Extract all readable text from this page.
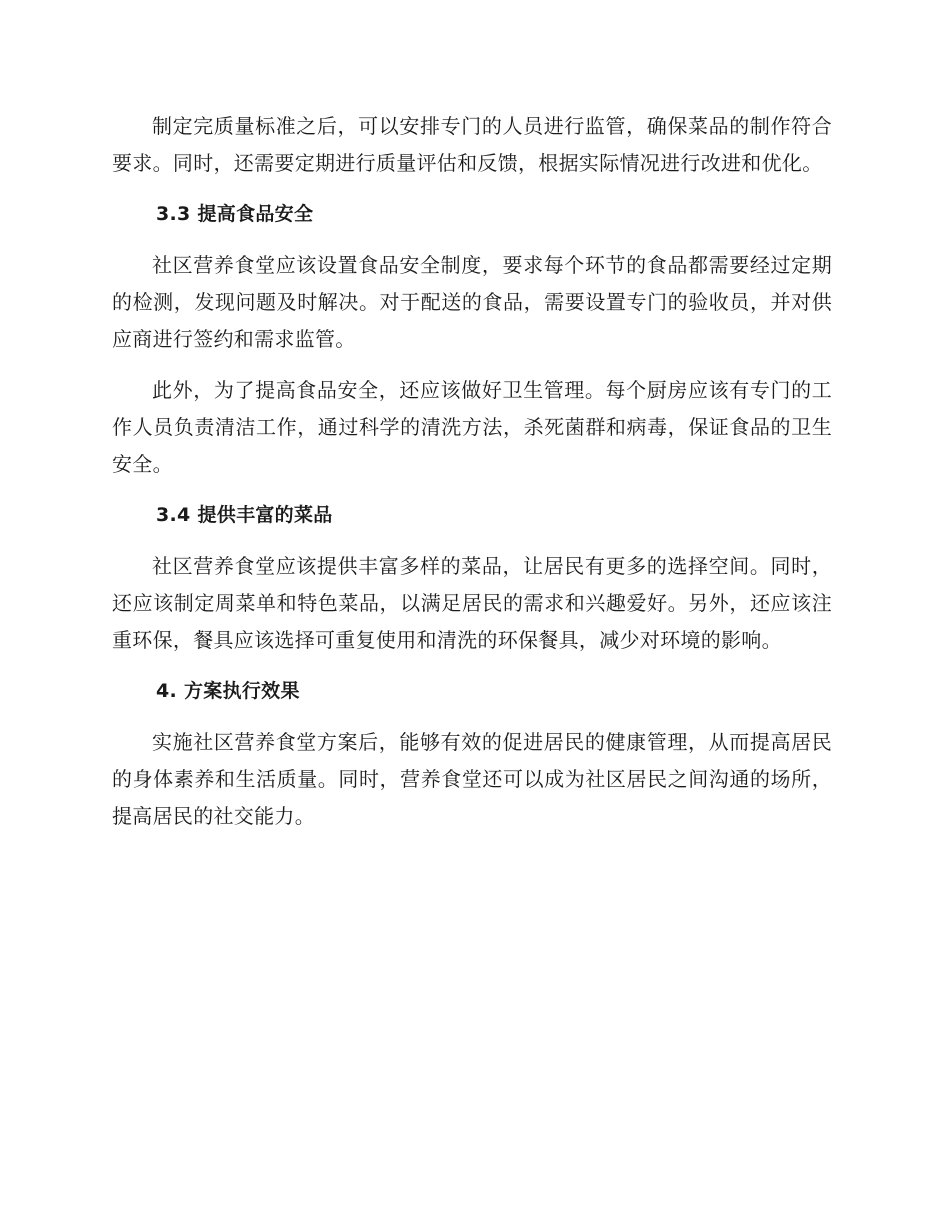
制定完质量标准之后，可以安排专门的人员进行监管，确保菜品的制作符合要求。同时，还需要定期进行质量评估和反馈，根据实际情况进行改进和优化。

3.3 提高食品安全

社区营养食堂应该设置食品安全制度，要求每个环节的食品都需要经过定期的检测，发现问题及时解决。对于配送的食品，需要设置专门的验收员，并对供应商进行签约和需求监管。

此外，为了提高食品安全，还应该做好卫生管理。每个厨房应该有专门的工作人员负责清洁工作，通过科学的清洗方法，杀死菌群和病毒，保证食品的卫生安全。

3.4 提供丰富的菜品

社区营养食堂应该提供丰富多样的菜品，让居民有更多的选择空间。同时，还应该制定周菜单和特色菜品，以满足居民的需求和兴趣爱好。另外，还应该注重环保，餐具应该选择可重复使用和清洗的环保餐具，减少对环境的影响。

4. 方案执行效果

实施社区营养食堂方案后，能够有效的促进居民的健康管理，从而提高居民的身体素养和生活质量。同时，营养食堂还可以成为社区居民之间沟通的场所，提高居民的社交能力。
